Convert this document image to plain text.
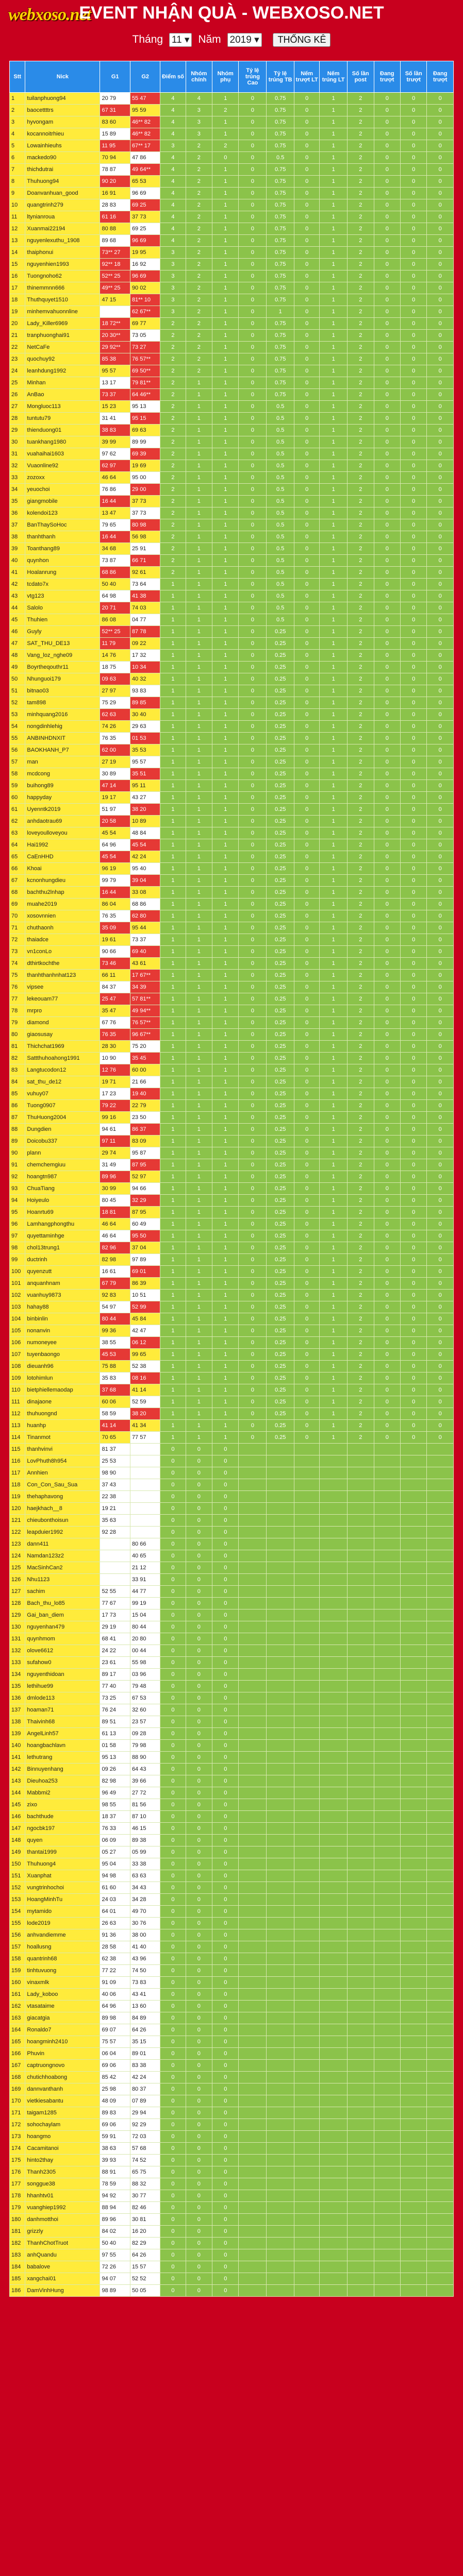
webxoso.net
EVENT NHẬN QUÀ - WEBXOSO.NET
Tháng 11 ▾ Năm 2019 ▾ THỐNG KÊ
Stt	Nick	G1	G2	Điểm số	Nhóm chính	Nhóm phụ	Tỷ lệ trúng Cao	Tỷ lệ trúng TB	Nếm trượt LT	Nếm trúng LT	Số lần post	Đang trượt	Số lần trượt	Đang trượt
1	tuilanphuong94	20 79	55 47	4	4	1	0	0.75	0	1	2	0	0	0
2	baocettttrs	67 31	95 59	4	3	2	0	0.75	0	1	2	0	0	0
3	hyvongam	83 60	46** 82	4	3	1	0	0.75	0	1	2	0	0	0
4	kocannoitrhieu	15 89	46** 82	4	3	1	0	0.75	0	1	2	0	0	0
5	Lowainhieuhs	11 95	67** 17	3	2	2	0	0.75	0	1	2	0	0	0
6	mackedo90	70 94	47 86	4	2	0	0	0.5	0	1	2	0	0	0
7	thichdutrai	78 87	49 64**	4	2	1	0	0.75	0	1	2	0	0	0
8	Thuhuong94	90 20	65 53	4	2	1	0	0.75	0	1	2	0	0	0
9	Doanvanhuan_good	16 91	96 69	4	2	1	0	0.75	0	1	2	0	0	0
10	quangtrinh279	28 83	69 25	4	2	1	0	0.75	0	1	2	0	0	0
11	ltynianroua	61 16	37 73	4	2	1	0	0.75	0	1	2	0	0	0
12	Xuanmai22194	80 88	69 25	4	2	1	0	0.75	0	1	2	0	0	0
13	nguyenlexuthu_1908	89 68	96 69	4	2	1	0	0.75	0	1	2	0	0	0
14	thaiphonui	73** 27	19 95	3	2	1	0	0.75	0	1	2	0	0	0
15	nguyenhien1993	92** 18	16 92	3	2	1	0	0.75	0	1	2	0	0	0
16	Tuongnoho62	52** 25	96 69	3	2	1	0	0.75	0	1	2	0	0	0
17	thinemmnn666	49** 25	90 02	3	2	1	0	0.75	0	1	2	0	0	0
18	Thuthquyet1510	47 15	81** 10	3	2	1	0	0.75	0	1	2	0	0	0
19	minhemvahuonnline		62 67**	3	2	1	0	1	0	1	2	0	0	0
20	Lady_Killer6969	18 72**	69 77	2	2	1	0	0.75	0	1	2	0	0	0
21	tranphuonghai91	20 30**	73 05	2	2	1	0	0.75	0	1	2	0	0	0
22	NetCaFe	29 92**	73 27	2	2	1	0	0.75	0	1	2	0	0	0
23	quochuy92	85 38	76 57**	2	2	1	0	0.75	0	1	2	0	0	0
24	leanhdung1992	95 57	69 50**	2	2	1	0	0.75	0	1	2	0	0	0
25	Minhan	13 17	79 81**	2	1	1	0	0.75	0	1	2	0	0	0
26	AnBao	73 37	64 46**	2	1	1	0	0.75	0	1	2	0	0	0
27	Mongluoc113	15 23	95 13	2	1	1	0	0.5	0	1	2	0	0	0
28	tuntutu79	31 41	95 15	2	1	1	0	0.5	0	1	2	0	0	0
29	thienduong01	38 83	69 63	2	1	1	0	0.5	0	1	2	0	0	0
30	tuankhang1980	39 99	89 99	2	1	1	0	0.5	0	1	2	0	0	0
31	vuahaihai1603	97 62	69 39	2	1	1	0	0.5	0	1	2	0	0	0
32	Vuaonline92	62 97	19 69	2	1	1	0	0.5	0	1	2	0	0	0
33	zozoxx	46 64	95 00	2	1	1	0	0.5	0	1	2	0	0	0
34	yeuochoi	76 86	29 00	2	1	1	0	0.5	0	1	2	0	0	0
35	giangmobile	16 44	37 73	2	1	1	0	0.5	0	1	2	0	0	0
36	kolendoi123	13 47	37 73	2	1	1	0	0.5	0	1	2	0	0	0
37	BanThaySoHoc	79 65	80 98	2	1	1	0	0.5	0	1	2	0	0	0
38	thanhthanh	16 44	56 98	2	1	1	0	0.5	0	1	2	0	0	0
39	Toanthang89	34 68	25 91	2	1	1	0	0.5	0	1	2	0	0	0
40	quynhon	73 87	66 71	2	1	1	0	0.5	0	1	2	0	0	0
41	Hoalanrung	68 86	92 61	2	1	1	0	0.5	0	1	2	0	0	0
42	tcdato7x	50 40	73 64	1	1	1	0	0.5	0	1	2	0	0	0
43	vtg123	64 98	41 38	1	1	1	0	0.5	0	1	2	0	0	0
44	Salolo	20 71	74 03	1	1	1	0	0.5	0	1	2	0	0	0
45	Thuhien	86 08	04 77	1	1	1	0	0.5	0	1	2	0	0	0
46	Guyly	52** 25	87 78	1	1	1	0	0.25	0	1	2	0	0	0
47	SAT_THU_DE13	11 79	09 22	1	1	1	0	0.25	0	1	2	0	0	0
48	Vang_loz_nghe09	14 76	17 32	1	1	1	0	0.25	0	1	2	0	0	0
49	Boyrtheqouthr11	18 75	10 34	1	1	1	0	0.25	0	1	2	0	0	0
50	Nhunguoi179	09 63	40 32	1	1	1	0	0.25	0	1	2	0	0	0
51	bitnao03	27 97	93 83	1	1	1	0	0.25	0	1	2	0	0	0
52	tam898	75 29	89 85	1	1	1	0	0.25	0	1	2	0	0	0
53	minhquang2016	62 63	30 40	1	1	1	0	0.25	0	1	2	0	0	0
54	nongdinhlehig	74 26	29 63	1	1	1	0	0.25	0	1	2	0	0	0
55	ANBINHDNXIT	76 35	01 53	1	1	1	0	0.25	0	1	2	0	0	0
56	BAOKHANH_P7	62 00	35 53	1	1	1	0	0.25	0	1	2	0	0	0
57	man	27 19	95 57	1	1	1	0	0.25	0	1	2	0	0	0
58	mcdcong	30 89	35 51	1	1	1	0	0.25	0	1	2	0	0	0
59	buihong89	47 14	95 11	1	1	1	0	0.25	0	1	2	0	0	0
60	happyday	19 17	43 27	1	1	1	0	0.25	0	1	2	0	0	0
61	Uyenntk2019	51 97	38 20	1	1	1	0	0.25	0	1	2	0	0	0
62	anhdaotrau69	20 58	10 89	1	1	1	0	0.25	0	1	2	0	0	0
63	loveyoulloveyou	45 54	48 84	1	1	1	0	0.25	0	1	2	0	0	0
64	Hai1992	64 96	45 54	1	1	1	0	0.25	0	1	2	0	0	0
65	CaEnHHD	45 54	42 24	1	1	1	0	0.25	0	1	2	0	0	0
66	Khoai	96 19	95 40	1	1	1	0	0.25	0	1	2	0	0	0
67	kcnonhungdieu	99 79	39 04	1	1	1	0	0.25	0	1	2	0	0	0
68	bachthu2lnhap	16 44	33 08	1	1	1	0	0.25	0	1	2	0	0	0
69	muahe2019	86 04	68 86	1	1	1	0	0.25	0	1	2	0	0	0
70	xosovnnien	76 35	62 80	1	1	1	0	0.25	0	1	2	0	0	0
71	chuthaonh	35 09	95 44	1	1	1	0	0.25	0	1	2	0	0	0
72	thaiadce	19 61	73 37	1	1	1	0	0.25	0	1	2	0	0	0
73	vn1conLo	90 66	69 40	1	1	1	0	0.25	0	1	2	0	0	0
74	dthirtkochthe	73 46	43 61	1	1	1	0	0.25	0	1	2	0	0	0
75	thanhthanhnhat123	66 11	17 67**	1	1	1	0	0.25	0	1	2	0	0	0
76	vipsee	84 37	34 39	1	1	1	0	0.25	0	1	2	0	0	0
77	lekeouam77	25 47	57 81**	1	1	1	0	0.25	0	1	2	0	0	0
78	mrpro	35 47	49 94**	1	1	1	0	0.25	0	1	2	0	0	0
79	diamond	67 76	76 57**	1	1	1	0	0.25	0	1	2	0	0	0
80	giaosusay	76 35	96 67**	1	1	1	0	0.25	0	1	2	0	0	0
81	Thichchat1969	28 30	75 20	1	1	1	0	0.25	0	1	2	0	0	0
82	Sattthuhoahong1991	10 90	35 45	1	1	1	0	0.25	0	1	2	0	0	0
83	Langtucodon12	12 76	60 00	1	1	1	0	0.25	0	1	2	0	0	0
84	sat_thu_de12	19 71	21 66	1	1	1	0	0.25	0	1	2	0	0	0
85	vuhuy07	17 23	19 40	1	1	1	0	0.25	0	1	2	0	0	0
86	Tuong0907	79 22	22 79	1	1	1	0	0.25	0	1	2	0	0	0
87	ThuHuong2004	99 16	23 50	1	1	1	0	0.25	0	1	2	0	0	0
88	Dungdien	94 61	86 37	1	1	1	0	0.25	0	1	2	0	0	0
89	Doicobu337	97 11	83 09	1	1	1	0	0.25	0	1	2	0	0	0
90	plann	29 74	95 87	1	1	1	0	0.25	0	1	2	0	0	0
91	chemchemgiuu	31 49	87 95	1	1	1	0	0.25	0	1	2	0	0	0
92	hoangtn987	89 96	52 97	1	1	1	0	0.25	0	1	2	0	0	0
93	ChuaTiang	30 99	94 66	1	1	1	0	0.25	0	1	2	0	0	0
94	Hoiyeulo	80 45	32 29	1	1	1	0	0.25	0	1	2	0	0	0
95	Hoanrtu69	18 81	87 95	1	1	1	0	0.25	0	1	2	0	0	0
96	Lamhangphongthu	46 64	60 49	1	1	1	0	0.25	0	1	2	0	0	0
97	quyettaminhge	46 64	95 50	1	1	1	0	0.25	0	1	2	0	0	0
98	chol13trung1	82 96	37 04	1	1	1	0	0.25	0	1	2	0	0	0
99	ductrinh	82 98	97 89	1	1	1	0	0.25	0	1	2	0	0	0
100	quyenzutt	16 61	69 01	1	1	1	0	0.25	0	1	2	0	0	0
101	anquanhnam	67 79	86 39	1	1	1	0	0.25	0	1	2	0	0	0
102	vuanhuy9873	92 83	10 51	1	1	1	0	0.25	0	1	2	0	0	0
103	hahay88	54 97	52 99	1	1	1	0	0.25	0	1	2	0	0	0
104	binbinlin	80 44	45 84	1	1	1	0	0.25	0	1	2	0	0	0
105	nonanvin	99 36	42 47	1	1	1	0	0.25	0	1	2	0	0	0
106	numoneyee	38 55	06 12	1	1	1	0	0.25	0	1	2	0	0	0
107	tuyenbaongo	45 53	99 65	1	1	1	0	0.25	0	1	2	0	0	0
108	dieuanh96	75 88	52 38	1	1	1	0	0.25	0	1	2	0	0	0
109	lotohimlun	35 83	08 16	1	1	1	0	0.25	0	1	2	0	0	0
110	bietphiellemaodap	37 68	41 14	1	1	1	0	0.25	0	1	2	0	0	0
111	dinajaone	60 06	52 59	1	1	1	0	0.25	0	1	2	0	0	0
112	thuhuongnd	58 59	38 20	1	1	1	0	0.25	0	1	2	0	0	0
113	huanhp	41 14	41 34	1	1	1	0	0.25	0	1	2	0	0	0
114	Tinanmot	70 65	77 57	1	1	1	0	0.25	0	1	2	0	0	0
115	thanhvinvi	81 37		0	0	0								
116	LovPhuth8h954	25 53		0	0	0								
117	Annhien	98 90		0	0	0								
118	Con_Con_Sau_Sua	37 43		0	0	0								
119	thehaphavong	22 38		0	0	0								
120	haejkhach__8	19 21		0	0	0								
121	chieubonthoisun	35 63		0	0	0								
122	leapduier1992	92 28		0	0	0								
123	dann411		80 66	0	0	0								
124	Namdan123z2		40 65	0	0	0								
125	MacSinhCan2		21 12	0	0	0								
126	Nhu1123		33 91	0	0	0								
127	sachim	52 55	44 77	0	0	0								
128	Bach_thu_lo85	77 67	99 19	0	0	0								
129	Gai_ban_diem	17 73	15 04	0	0	0								
130	nguyenhan479	29 19	80 44	0	0	0								
131	quynhmom	68 41	20 80	0	0	0								
132	olove6612	24 22	00 44	0	0	0								
133	sufahow0	23 61	55 98	0	0	0								
134	nguyenthidoan	89 17	03 96	0	0	0								
135	lethihue99	77 40	79 48	0	0	0								
136	dmlode113	73 25	67 53	0	0	0								
137	hoaman71	76 24	32 60	0	0	0								
138	Thaivinh68	89 51	23 57	0	0	0								
139	AngelLinh57	61 13	09 28	0	0	0								
140	hoangbachlavn	01 58	79 98	0	0	0								
141	lethutrang	95 13	88 90	0	0	0								
142	Binnuyenhang	09 26	64 43	0	0	0								
143	Dieuhoa253	82 98	39 66	0	0	0								
144	Mabbmi2	96 49	27 72	0	0	0								
145	zixo	98 55	81 56	0	0	0								
146	bachthude	18 37	87 10	0	0	0								
147	ngocbk197	76 33	46 15	0	0	0								
148	quyen	06 09	89 38	0	0	0								
149	thantai1999	05 27	05 99	0	0	0								
150	Thuhuong4	95 04	33 38	0	0	0								
151	Xuanphat	94 98	63 63	0	0	0								
152	vungtrinhochoi	61 60	34 43	0	0	0								
153	HoangMinhTu	24 03	34 28	0	0	0								
154	mytamido	64 01	49 70	0	0	0								
155	lode2019	26 63	30 76	0	0	0								
156	anhvandiemme	91 36	38 00	0	0	0								
157	hoallusng	28 58	41 40	0	0	0								
158	quantrinh68	62 38	43 96	0	0	0								
159	tinhtuvuong	77 22	74 50	0	0	0								
160	vinaxmlk	91 09	73 83	0	0	0								
161	Lady_koboo	40 06	43 41	0	0	0								
162	vtasataime	64 96	13 60	0	0	0								
163	giacatgia	89 98	84 89	0	0	0								
164	Ronaldo7	69 07	64 26	0	0	0								
165	hoangminh2410	75 57	35 15	0	0	0								
166	Phuvin	06 04	89 01	0	0	0								
167	captruongnovo	69 06	83 38	0	0	0								
168	chutichhoabong	85 42	42 24	0	0	0								
169	dannvanthanh	25 98	80 37	0	0	0								
170	vietkiesabantu	48 09	07 89	0	0	0								
171	taigam1285	89 83	29 94	0	0	0								
172	sohochaylam	69 06	92 29	0	0	0								
173	hoangmo	59 91	72 03	0	0	0								
174	Cacamitanoi	38 63	57 68	0	0	0								
175	hinto2thay	39 93	74 52	0	0	0								
176	Thanh2305	88 91	65 75	0	0	0								
177	songgue38	78 59	88 32	0	0	0								
178	hhanhtv01	94 92	30 77	0	0	0								
179	vuanghiep1992	88 94	82 46	0	0	0								
180	danhmotthoi	89 96	30 81	0	0	0								
181	grizzly	84 02	16 20	0	0	0								
182	ThanhChotTruot	50 40	82 29	0	0	0								
183	anhQuandu	97 55	64 26	0	0	0								
184	babalove	72 26	15 57	0	0	0								
185	xangchai01	94 07	52 52	0	0	0								
186	DamVinhHung	98 89	50 05	0	0	0								
